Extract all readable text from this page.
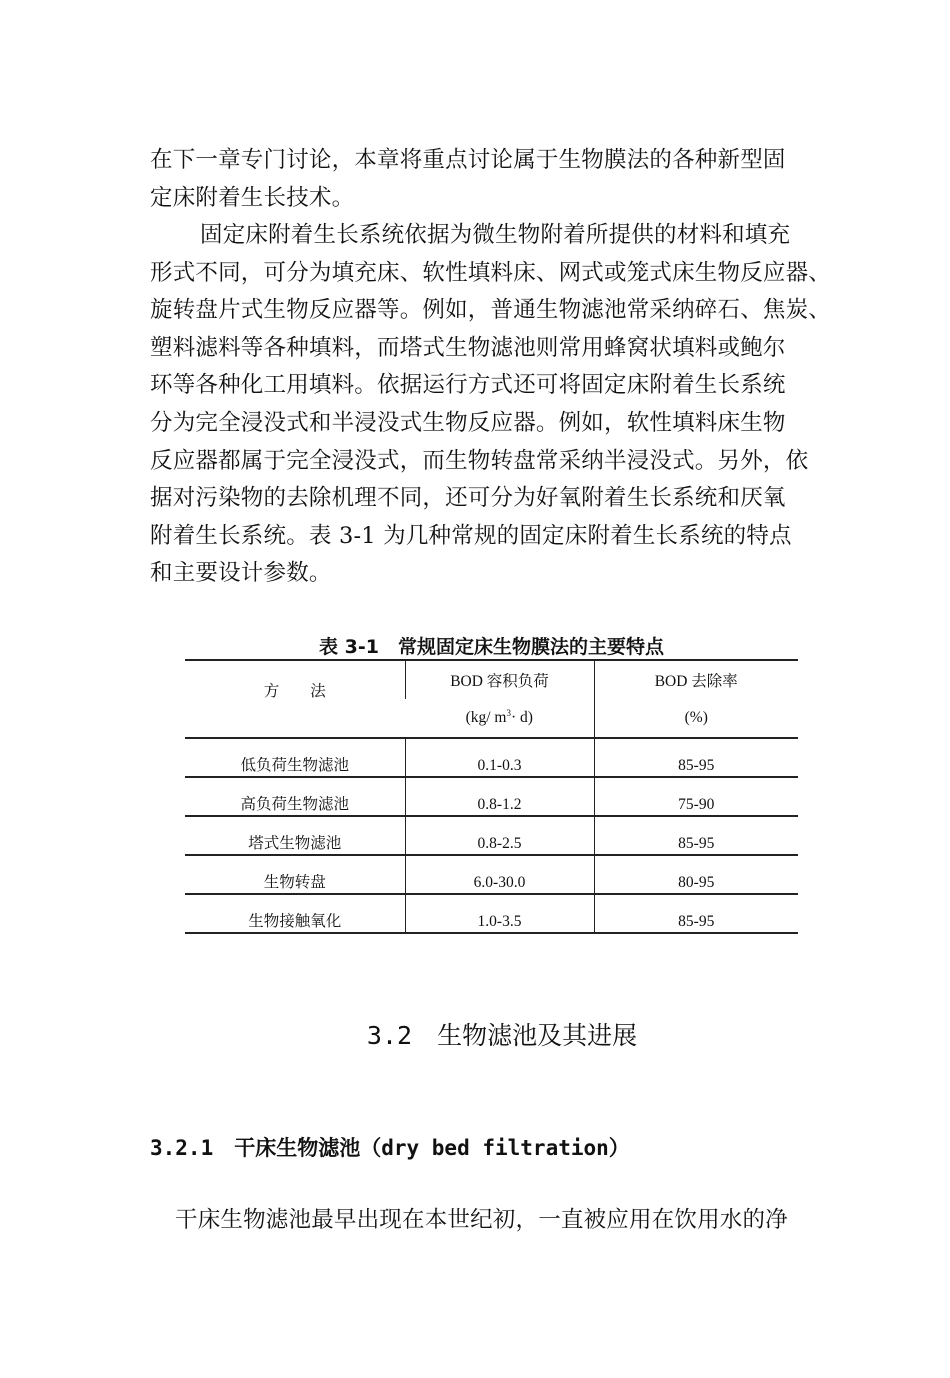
在下一章专门讨论，本章将重点讨论属于生物膜法的各种新型固
定床附着生长技术。

固定床附着生长系统依据为微生物附着所提供的材料和填充
形式不同，可分为填充床、软性填料床、网式或笼式床生物反应器、
旋转盘片式生物反应器等。例如，普通生物滤池常采纳碎石、焦炭、
塑料滤料等各种填料，而塔式生物滤池则常用蜂窝状填料或鲍尔
环等各种化工用填料。依据运行方式还可将固定床附着生长系统
分为完全浸没式和半浸没式生物反应器。例如，软性填料床生物
反应器都属于完全浸没式，而生物转盘常采纳半浸没式。另外，依
据对污染物的去除机理不同，还可分为好氧附着生长系统和厌氧
附着生长系统。表 3-1 为几种常规的固定床附着生长系统的特点
和主要设计参数。

表 3-1　常规固定床生物膜法的主要特点
方　　法	BOD 容积负荷	BOD 去除率
	(kg/ $m^3\cdot d$)	(%)
低负荷生物滤池	0.1-0.3	85-95
高负荷生物滤池	0.8-1.2	75-90
塔式生物滤池	0.8-2.5	85-95
生物转盘	6.0-30.0	80-95
生物接触氧化	1.0-3.5	85-95
3.2　生物滤池及其进展
3.2.1　干床生物滤池（dry bed filtration）

干床生物滤池最早出现在本世纪初，一直被应用在饮用水的净
